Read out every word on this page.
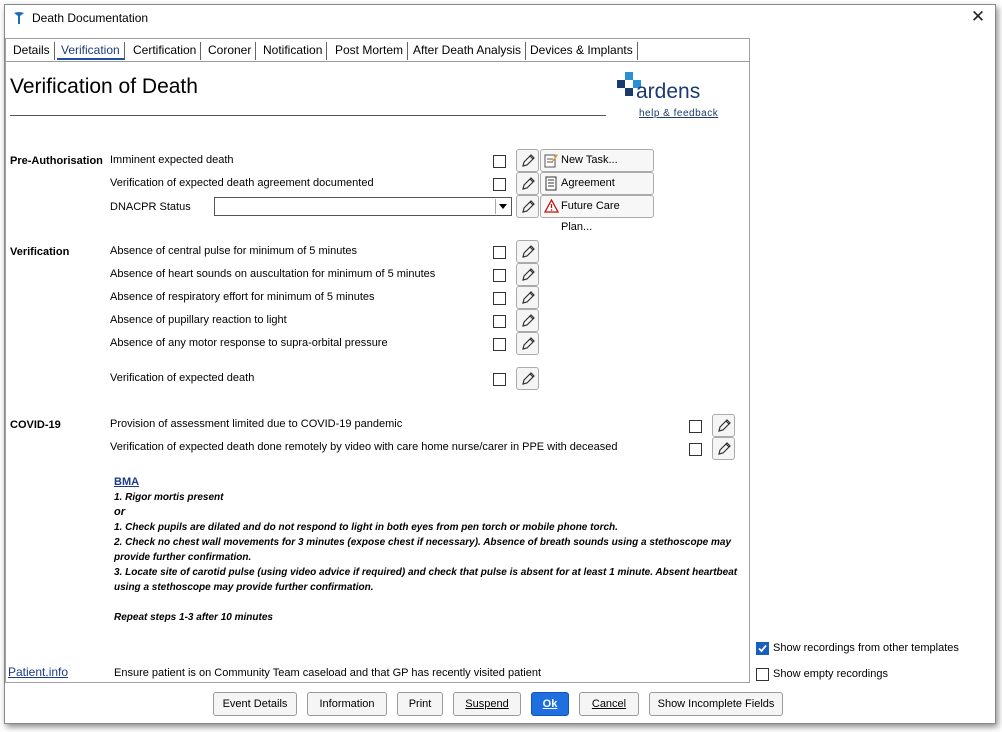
Death Documentation	✕
Details Verification	Certification Coroner Notification	Post Mortem After Death Analysis Devices & Implants
Verification of Death	ardens
help & feedback
Pre-Authorisation Imminent expected death
Verification of expected death agreement documented
DNACPR Status
New Task...
Agreement
Future Care Plan...
Verification	Absence of central pulse for minimum of 5 minutes
Absence of heart sounds on auscultation for minimum of 5 minutes
Absence of respiratory effort for minimum of 5 minutes
Absence of pupillary reaction to light
Absence of any motor response to supra-orbital pressure
Verification of expected death
COVID-19	Provision of assessment limited due to COVID-19 pandemic
Verification of expected death done remotely by video with care home nurse/carer in PPE with deceased

BMA

1. Rigor mortis present

or

1. Check pupils are dilated and do not respond to light in both eyes from pen torch or mobile phone torch.

2. Check no chest wall movements for 3 minutes (expose chest if necessary). Absence of breath sounds using a stethoscope may provide further confirmation.

3. Locate site of carotid pulse (using video advice if required) and check that pulse is absent for at least 1 minute. Absent heartbeat using a stethoscope may provide further confirmation.

Repeat steps 1-3 after 10 minutes

Patient.info	Ensure patient is on Community Team caseload and that GP has recently visited patient
Show recordings from other templates
Show empty recordings
Event Details	Information	Print	Suspend	Ok	Cancel	Show Incomplete Fields
